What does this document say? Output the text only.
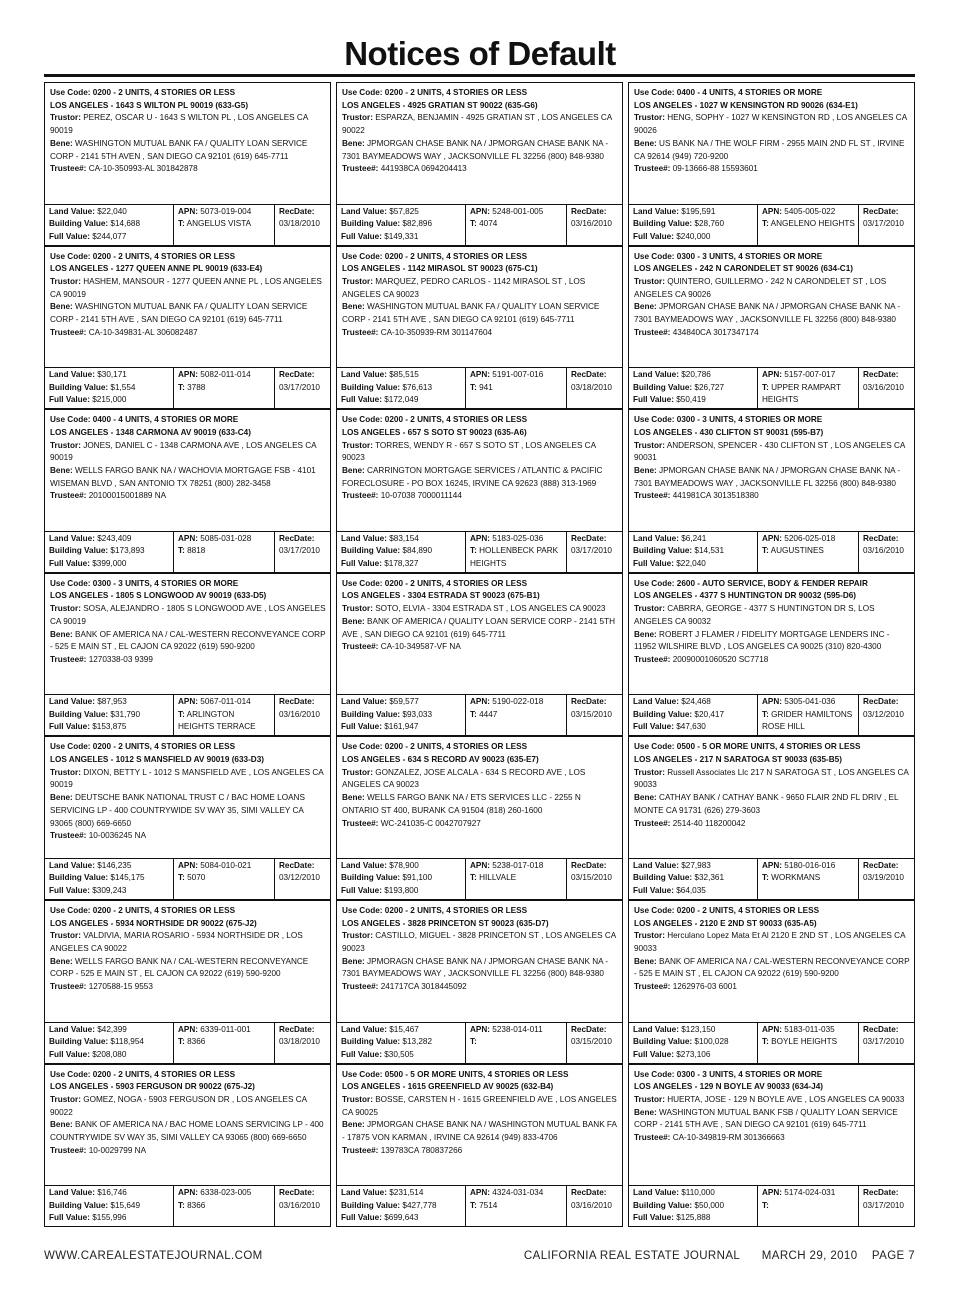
Notices of Default
Use Code: 0200 - 2 UNITS, 4 STORIES OR LESS
LOS ANGELES - 1643 S WILTON PL 90019 (633-G5)
Trustor: PEREZ, OSCAR U - 1643 S WILTON PL , LOS ANGELES CA 90019
Bene: WASHINGTON MUTUAL BANK FA / QUALITY LOAN SERVICE CORP - 2141 5TH AVEN , SAN DIEGO CA 92101 (619) 645-7711
Trustee#: CA-10-350993-AL 301842878
Land Value: $22,040
Building Value: $14,688
Full Value: $244,077
APN: 5073-019-004
T: ANGELUS VISTA
RecDate:
03/18/2010
Use Code: 0200 - 2 UNITS, 4 STORIES OR LESS
LOS ANGELES - 4925 GRATIAN ST 90022 (635-G6)
Trustor: ESPARZA, BENJAMIN - 4925 GRATIAN ST , LOS ANGELES CA 90022
Bene: JPMORGAN CHASE BANK NA / JPMORGAN CHASE BANK NA - 7301 BAYMEADOWS WAY , JACKSONVILLE FL 32256 (800) 848-9380
Trustee#: 441938CA 0694204413
Land Value: $57,825
Building Value: $82,896
Full Value: $149,331
APN: 5248-001-005
T: 4074
RecDate:
03/16/2010
Use Code: 0400 - 4 UNITS, 4 STORIES OR MORE
LOS ANGELES - 1027 W KENSINGTON RD 90026 (634-E1)
Trustor: HENG, SOPHY - 1027 W KENSINGTON RD , LOS ANGELES CA 90026
Bene: US BANK NA / THE WOLF FIRM - 2955 MAIN 2ND FL ST , IRVINE CA 92614 (949) 720-9200
Trustee#: 09-13666-88 15593601
Land Value: $195,591
Building Value: $28,760
Full Value: $240,000
APN: 5405-005-022
T: ANGELENO HEIGHTS
RecDate:
03/17/2010
Use Code: 0200 - 2 UNITS, 4 STORIES OR LESS
LOS ANGELES - 1277 QUEEN ANNE PL 90019 (633-E4)
Trustor: HASHEM, MANSOUR - 1277 QUEEN ANNE PL , LOS ANGELES CA 90019
Bene: WASHINGTON MUTUAL BANK FA / QUALITY LOAN SERVICE CORP - 2141 5TH AVE , SAN DIEGO CA 92101 (619) 645-7711
Trustee#: CA-10-349831-AL 306082487
Land Value: $30,171
Building Value: $1,554
Full Value: $215,000
APN: 5082-011-014
T: 3788
RecDate:
03/17/2010
Use Code: 0200 - 2 UNITS, 4 STORIES OR LESS
LOS ANGELES - 1142 MIRASOL ST 90023 (675-C1)
Trustor: MARQUEZ, PEDRO CARLOS - 1142 MIRASOL ST , LOS ANGELES CA 90023
Bene: WASHINGTON MUTUAL BANK FA / QUALITY LOAN SERVICE CORP - 2141 5TH AVE , SAN DIEGO CA 92101 (619) 645-7711
Trustee#: CA-10-350939-RM 301147604
Land Value: $85,515
Building Value: $76,613
Full Value: $172,049
APN: 5191-007-016
T: 941
RecDate:
03/18/2010
Use Code: 0300 - 3 UNITS, 4 STORIES OR MORE
LOS ANGELES - 242 N CARONDELET ST 90026 (634-C1)
Trustor: QUINTERO, GUILLERMO - 242 N CARONDELET ST , LOS ANGELES CA 90026
Bene: JPMORGAN CHASE BANK NA / JPMORGAN CHASE BANK NA - 7301 BAYMEADOWS WAY , JACKSONVILLE FL 32256 (800) 848-9380
Trustee#: 434840CA 3017347174
Land Value: $20,786
Building Value: $26,727
Full Value: $50,419
APN: 5157-007-017
T: UPPER RAMPART HEIGHTS
RecDate:
03/16/2010
Use Code: 0400 - 4 UNITS, 4 STORIES OR MORE
LOS ANGELES - 1348 CARMONA AV 90019 (633-C4)
Trustor: JONES, DANIEL C - 1348 CARMONA AVE , LOS ANGELES CA 90019
Bene: WELLS FARGO BANK NA / WACHOVIA MORTGAGE FSB - 4101 WISEMAN BLVD , SAN ANTONIO TX 78251 (800) 282-3458
Trustee#: 20100015001889 NA
Land Value: $243,409
Building Value: $173,893
Full Value: $399,000
APN: 5085-031-028
T: 8818
RecDate:
03/17/2010
Use Code: 0200 - 2 UNITS, 4 STORIES OR LESS
LOS ANGELES - 657 S SOTO ST 90023 (635-A6)
Trustor: TORRES, WENDY R - 657 S SOTO ST , LOS ANGELES CA 90023
Bene: CARRINGTON MORTGAGE SERVICES / ATLANTIC & PACIFIC FORECLOSURE - PO BOX 16245, IRVINE CA 92623 (888) 313-1969
Trustee#: 10-07038 7000011144
Land Value: $83,154
Building Value: $84,890
Full Value: $178,327
APN: 5183-025-036
T: HOLLENBECK PARK HEIGHTS
RecDate:
03/17/2010
Use Code: 0300 - 3 UNITS, 4 STORIES OR MORE
LOS ANGELES - 430 CLIFTON ST 90031 (595-B7)
Trustor: ANDERSON, SPENCER - 430 CLIFTON ST , LOS ANGELES CA 90031
Bene: JPMORGAN CHASE BANK NA / JPMORGAN CHASE BANK NA - 7301 BAYMEADOWS WAY , JACKSONVILLE FL 32256 (800) 848-9380
Trustee#: 441981CA 3013518380
Land Value: $6,241
Building Value: $14,531
Full Value: $22,040
APN: 5206-025-018
T: AUGUSTINES
RecDate:
03/16/2010
Use Code: 0300 - 3 UNITS, 4 STORIES OR MORE
LOS ANGELES - 1805 S LONGWOOD AV 90019 (633-D5)
Trustor: SOSA, ALEJANDRO - 1805 S LONGWOOD AVE , LOS ANGELES CA 90019
Bene: BANK OF AMERICA NA / CAL-WESTERN RECONVEYANCE CORP - 525 E MAIN ST , EL CAJON CA 92022 (619) 590-9200
Trustee#: 1270338-03 9399
Land Value: $87,953
Building Value: $31,790
Full Value: $153,875
APN: 5067-011-014
T: ARLINGTON HEIGHTS TERRACE
RecDate:
03/16/2010
Use Code: 0200 - 2 UNITS, 4 STORIES OR LESS
LOS ANGELES - 3304 ESTRADA ST 90023 (675-B1)
Trustor: SOTO, ELVIA - 3304 ESTRADA ST , LOS ANGELES CA 90023
Bene: BANK OF AMERICA / QUALITY LOAN SERVICE CORP - 2141 5TH AVE , SAN DIEGO CA 92101 (619) 645-7711
Trustee#: CA-10-349587-VF NA
Land Value: $59,577
Building Value: $93,033
Full Value: $161,947
APN: 5190-022-018
T: 4447
RecDate:
03/15/2010
Use Code: 2600 - AUTO SERVICE, BODY & FENDER REPAIR
LOS ANGELES - 4377 S HUNTINGTON DR 90032 (595-D6)
Trustor: CABRRA, GEORGE - 4377 S HUNTINGTON DR S, LOS ANGELES CA 90032
Bene: ROBERT J FLAMER / FIDELITY MORTGAGE LENDERS INC - 11952 WILSHIRE BLVD , LOS ANGELES CA 90025 (310) 820-4300
Trustee#: 20090001060520 SC7718
Land Value: $24,468
Building Value: $20,417
Full Value: $47,630
APN: 5305-041-036
T: GRIDER HAMILTONS ROSE HILL
RecDate:
03/12/2010
Use Code: 0200 - 2 UNITS, 4 STORIES OR LESS
LOS ANGELES - 1012 S MANSFIELD AV 90019 (633-D3)
Trustor: DIXON, BETTY L - 1012 S MANSFIELD AVE , LOS ANGELES CA 90019
Bene: DEUTSCHE BANK NATIONAL TRUST C / BAC HOME LOANS SERVICING LP - 400 COUNTRYWIDE SV WAY 35, SIMI VALLEY CA 93065 (800) 669-6650
Trustee#: 10-0036245 NA
Land Value: $146,235
Building Value: $145,175
Full Value: $309,243
APN: 5084-010-021
T: 5070
RecDate:
03/12/2010
Use Code: 0200 - 2 UNITS, 4 STORIES OR LESS
LOS ANGELES - 634 S RECORD AV 90023 (635-E7)
Trustor: GONZALEZ, JOSE ALCALA - 634 S RECORD AVE , LOS ANGELES CA 90023
Bene: WELLS FARGO BANK NA / ETS SERVICES LLC - 2255 N ONTARIO ST 400, BURANK CA 91504 (818) 260-1600
Trustee#: WC-241035-C 0042707927
Land Value: $78,900
Building Value: $91,100
Full Value: $193,800
APN: 5238-017-018
T: HILLVALE
RecDate:
03/15/2010
Use Code: 0500 - 5 OR MORE UNITS, 4 STORIES OR LESS
LOS ANGELES - 217 N SARATOGA ST 90033 (635-B5)
Trustor: Russell Associates Llc 217 N SARATOGA ST , LOS ANGELES CA 90033
Bene: CATHAY BANK / CATHAY BANK - 9650 FLAIR 2ND FL DRIV , EL MONTE CA 91731 (626) 279-3603
Trustee#: 2514-40 118200042
Land Value: $27,983
Building Value: $32,361
Full Value: $64,035
APN: 5180-016-016
T: WORKMANS
RecDate:
03/19/2010
Use Code: 0200 - 2 UNITS, 4 STORIES OR LESS
LOS ANGELES - 5934 NORTHSIDE DR 90022 (675-J2)
Trustor: VALDIVIA, MARIA ROSARIO - 5934 NORTHSIDE DR , LOS ANGELES CA 90022
Bene: WELLS FARGO BANK NA / CAL-WESTERN RECONVEYANCE CORP - 525 E MAIN ST , EL CAJON CA 92022 (619) 590-9200
Trustee#: 1270588-15 9553
Land Value: $42,399
Building Value: $118,954
Full Value: $208,080
APN: 6339-011-001
T: 8366
RecDate:
03/18/2010
Use Code: 0200 - 2 UNITS, 4 STORIES OR LESS
LOS ANGELES - 3828 PRINCETON ST 90023 (635-D7)
Trustor: CASTILLO, MIGUEL - 3828 PRINCETON ST , LOS ANGELES CA 90023
Bene: JPMORAGN CHASE BANK NA / JPMORGAN CHASE BANK NA - 7301 BAYMEADOWS WAY , JACKSONVILLE FL 32256 (800) 848-9380
Trustee#: 241717CA 3018445092
Land Value: $15,467
Building Value: $13,282
Full Value: $30,505
APN: 5238-014-011
T:
RecDate:
03/15/2010
Use Code: 0200 - 2 UNITS, 4 STORIES OR LESS
LOS ANGELES - 2120 E 2ND ST 90033 (635-A5)
Trustor: Herculano Lopez Mata Et Al 2120 E 2ND ST , LOS ANGELES CA 90033
Bene: BANK OF AMERICA NA / CAL-WESTERN RECONVEYANCE CORP - 525 E MAIN ST , EL CAJON CA 92022 (619) 590-9200
Trustee#: 1262976-03 6001
Land Value: $123,150
Building Value: $100,028
Full Value: $273,106
APN: 5183-011-035
T: BOYLE HEIGHTS
RecDate:
03/17/2010
Use Code: 0200 - 2 UNITS, 4 STORIES OR LESS
LOS ANGELES - 5903 FERGUSON DR 90022 (675-J2)
Trustor: GOMEZ, NOGA - 5903 FERGUSON DR , LOS ANGELES CA 90022
Bene: BANK OF AMERICA NA / BAC HOME LOANS SERVICING LP - 400 COUNTRYWIDE SV WAY 35, SIMI VALLEY CA 93065 (800) 669-6650
Trustee#: 10-0029799 NA
Land Value: $16,746
Building Value: $15,649
Full Value: $155,996
APN: 6338-023-005
T: 8366
RecDate:
03/16/2010
Use Code: 0500 - 5 OR MORE UNITS, 4 STORIES OR LESS
LOS ANGELES - 1615 GREENFIELD AV 90025 (632-B4)
Trustor: BOSSE, CARSTEN H - 1615 GREENFIELD AVE , LOS ANGELES CA 90025
Bene: JPMORGAN CHASE BANK NA / WASHINGTON MUTUAL BANK FA - 17875 VON KARMAN , IRVINE CA 92614 (949) 833-4706
Trustee#: 139783CA 780837266
Land Value: $231,514
Building Value: $427,778
Full Value: $699,643
APN: 4324-031-034
T: 7514
RecDate:
03/16/2010
Use Code: 0300 - 3 UNITS, 4 STORIES OR MORE
LOS ANGELES - 129 N BOYLE AV 90033 (634-J4)
Trustor: HUERTA, JOSE - 129 N BOYLE AVE , LOS ANGELES CA 90033
Bene: WASHINGTON MUTUAL BANK FSB / QUALITY LOAN SERVICE CORP - 2141 5TH AVE , SAN DIEGO CA 92101 (619) 645-7711
Trustee#: CA-10-349819-RM 301366663
Land Value: $110,000
Building Value: $50,000
Full Value: $125,888
APN: 5174-024-031
T:
RecDate:
03/17/2010
WWW.CAREALESTATEJOURNAL.COM	CALIFORNIA REAL ESTATE JOURNAL MARCH 29, 2010 PAGE 7
